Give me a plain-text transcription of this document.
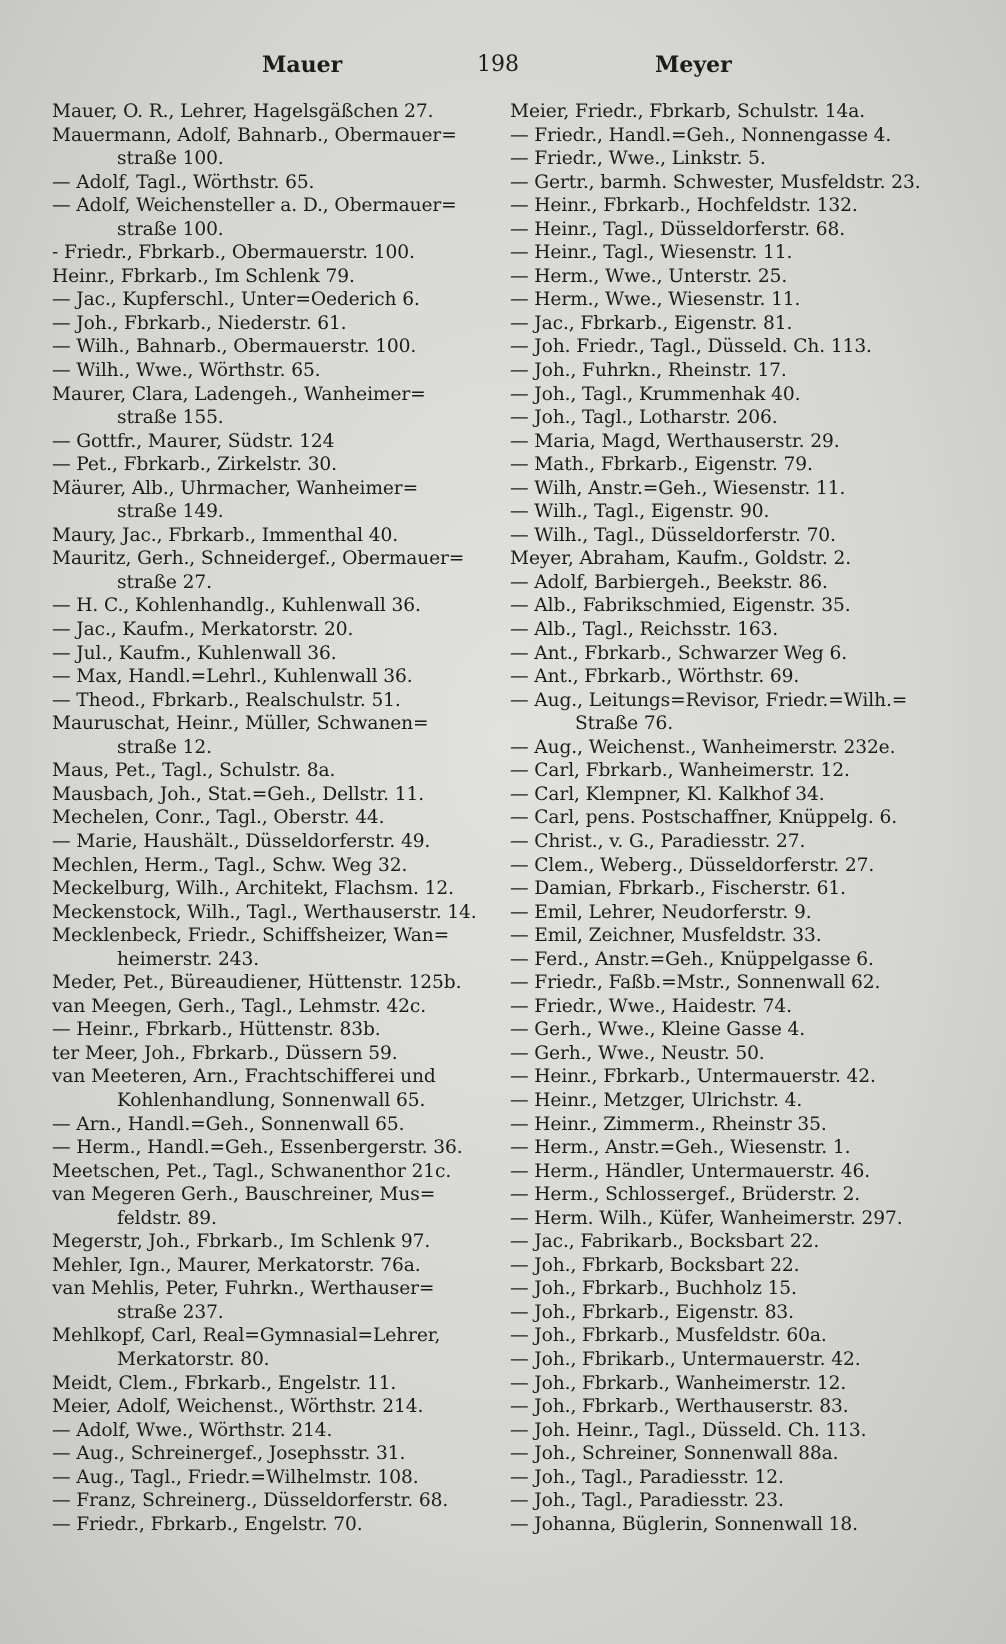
Mauer	198	Meyer
Mauer, O. R., Lehrer, Hagelsgäßchen 27.
Mauermann, Adolf, Bahnarb., Obermauer=
straße 100.
— Adolf, Tagl., Wörthstr. 65.
— Adolf, Weichensteller a. D., Obermauer=
straße 100.
- Friedr., Fbrkarb., Obermauerstr. 100.
Heinr., Fbrkarb., Im Schlenk 79.
— Jac., Kupferschl., Unter=Oederich 6.
— Joh., Fbrkarb., Niederstr. 61.
— Wilh., Bahnarb., Obermauerstr. 100.
— Wilh., Wwe., Wörthstr. 65.
Maurer, Clara, Ladengeh., Wanheimer=
straße 155.
— Gottfr., Maurer, Südstr. 124
— Pet., Fbrkarb., Zirkelstr. 30.
Mäurer, Alb., Uhrmacher, Wanheimer=
straße 149.
Maury, Jac., Fbrkarb., Immenthal 40.
Mauritz, Gerh., Schneidergef., Obermauer=
straße 27.
— H. C., Kohlenhandlg., Kuhlenwall 36.
— Jac., Kaufm., Merkatorstr. 20.
— Jul., Kaufm., Kuhlenwall 36.
— Max, Handl.=Lehrl., Kuhlenwall 36.
— Theod., Fbrkarb., Realschulstr. 51.
Mauruschat, Heinr., Müller, Schwanen=
straße 12.
Maus, Pet., Tagl., Schulstr. 8a.
Mausbach, Joh., Stat.=Geh., Dellstr. 11.
Mechelen, Conr., Tagl., Oberstr. 44.
— Marie, Haushält., Düsseldorferstr. 49.
Mechlen, Herm., Tagl., Schw. Weg 32.
Meckelburg, Wilh., Architekt, Flachsm. 12.
Meckenstock, Wilh., Tagl., Werthauserstr. 14.
Mecklenbeck, Friedr., Schiffsheizer, Wan=
heimerstr. 243.
Meder, Pet., Büreaudiener, Hüttenstr. 125b.
van Meegen, Gerh., Tagl., Lehmstr. 42c.
— Heinr., Fbrkarb., Hüttenstr. 83b.
ter Meer, Joh., Fbrkarb., Düssern 59.
van Meeteren, Arn., Frachtschifferei und
Kohlenhandlung, Sonnenwall 65.
— Arn., Handl.=Geh., Sonnenwall 65.
— Herm., Handl.=Geh., Essenbergerstr. 36.
Meetschen, Pet., Tagl., Schwanenthor 21c.
van Megeren Gerh., Bauschreiner, Mus=
feldstr. 89.
Megerstr, Joh., Fbrkarb., Im Schlenk 97.
Mehler, Ign., Maurer, Merkatorstr. 76a.
van Mehlis, Peter, Fuhrkn., Werthauser=
straße 237.
Mehlkopf, Carl, Real=Gymnasial=Lehrer,
Merkatorstr. 80.
Meidt, Clem., Fbrkarb., Engelstr. 11.
Meier, Adolf, Weichenst., Wörthstr. 214.
— Adolf, Wwe., Wörthstr. 214.
— Aug., Schreinergef., Josephsstr. 31.
— Aug., Tagl., Friedr.=Wilhelmstr. 108.
— Franz, Schreinerg., Düsseldorferstr. 68.
— Friedr., Fbrkarb., Engelstr. 70.
Meier, Friedr., Fbrkarb, Schulstr. 14a.
— Friedr., Handl.=Geh., Nonnengasse 4.
— Friedr., Wwe., Linkstr. 5.
— Gertr., barmh. Schwester, Musfeldstr. 23.
— Heinr., Fbrkarb., Hochfeldstr. 132.
— Heinr., Tagl., Düsseldorferstr. 68.
— Heinr., Tagl., Wiesenstr. 11.
— Herm., Wwe., Unterstr. 25.
— Herm., Wwe., Wiesenstr. 11.
— Jac., Fbrkarb., Eigenstr. 81.
— Joh. Friedr., Tagl., Düsseld. Ch. 113.
— Joh., Fuhrkn., Rheinstr. 17.
— Joh., Tagl., Krummenhak 40.
— Joh., Tagl., Lotharstr. 206.
— Maria, Magd, Werthauserstr. 29.
— Math., Fbrkarb., Eigenstr. 79.
— Wilh, Anstr.=Geh., Wiesenstr. 11.
— Wilh., Tagl., Eigenstr. 90.
— Wilh., Tagl., Düsseldorferstr. 70.
Meyer, Abraham, Kaufm., Goldstr. 2.
— Adolf, Barbiergeh., Beekstr. 86.
— Alb., Fabrikschmied, Eigenstr. 35.
— Alb., Tagl., Reichsstr. 163.
— Ant., Fbrkarb., Schwarzer Weg 6.
— Ant., Fbrkarb., Wörthstr. 69.
— Aug., Leitungs=Revisor, Friedr.=Wilh.=
Straße 76.
— Aug., Weichenst., Wanheimerstr. 232e.
— Carl, Fbrkarb., Wanheimerstr. 12.
— Carl, Klempner, Kl. Kalkhof 34.
— Carl, pens. Postschaffner, Knüppelg. 6.
— Christ., v. G., Paradiesstr. 27.
— Clem., Weberg., Düsseldorferstr. 27.
— Damian, Fbrkarb., Fischerstr. 61.
— Emil, Lehrer, Neudorferstr. 9.
— Emil, Zeichner, Musfeldstr. 33.
— Ferd., Anstr.=Geh., Knüppelgasse 6.
— Friedr., Faßb.=Mstr., Sonnenwall 62.
— Friedr., Wwe., Haidestr. 74.
— Gerh., Wwe., Kleine Gasse 4.
— Gerh., Wwe., Neustr. 50.
— Heinr., Fbrkarb., Untermauerstr. 42.
— Heinr., Metzger, Ulrichstr. 4.
— Heinr., Zimmerm., Rheinstr 35.
— Herm., Anstr.=Geh., Wiesenstr. 1.
— Herm., Händler, Untermauerstr. 46.
— Herm., Schlossergef., Brüderstr. 2.
— Herm. Wilh., Küfer, Wanheimerstr. 297.
— Jac., Fabrikarb., Bocksbart 22.
— Joh., Fbrkarb, Bocksbart 22.
— Joh., Fbrkarb., Buchholz 15.
— Joh., Fbrkarb., Eigenstr. 83.
— Joh., Fbrkarb., Musfeldstr. 60a.
— Joh., Fbrikarb., Untermauerstr. 42.
— Joh., Fbrkarb., Wanheimerstr. 12.
— Joh., Fbrkarb., Werthauserstr. 83.
— Joh. Heinr., Tagl., Düsseld. Ch. 113.
— Joh., Schreiner, Sonnenwall 88a.
— Joh., Tagl., Paradiesstr. 12.
— Joh., Tagl., Paradiesstr. 23.
— Johanna, Büglerin, Sonnenwall 18.
